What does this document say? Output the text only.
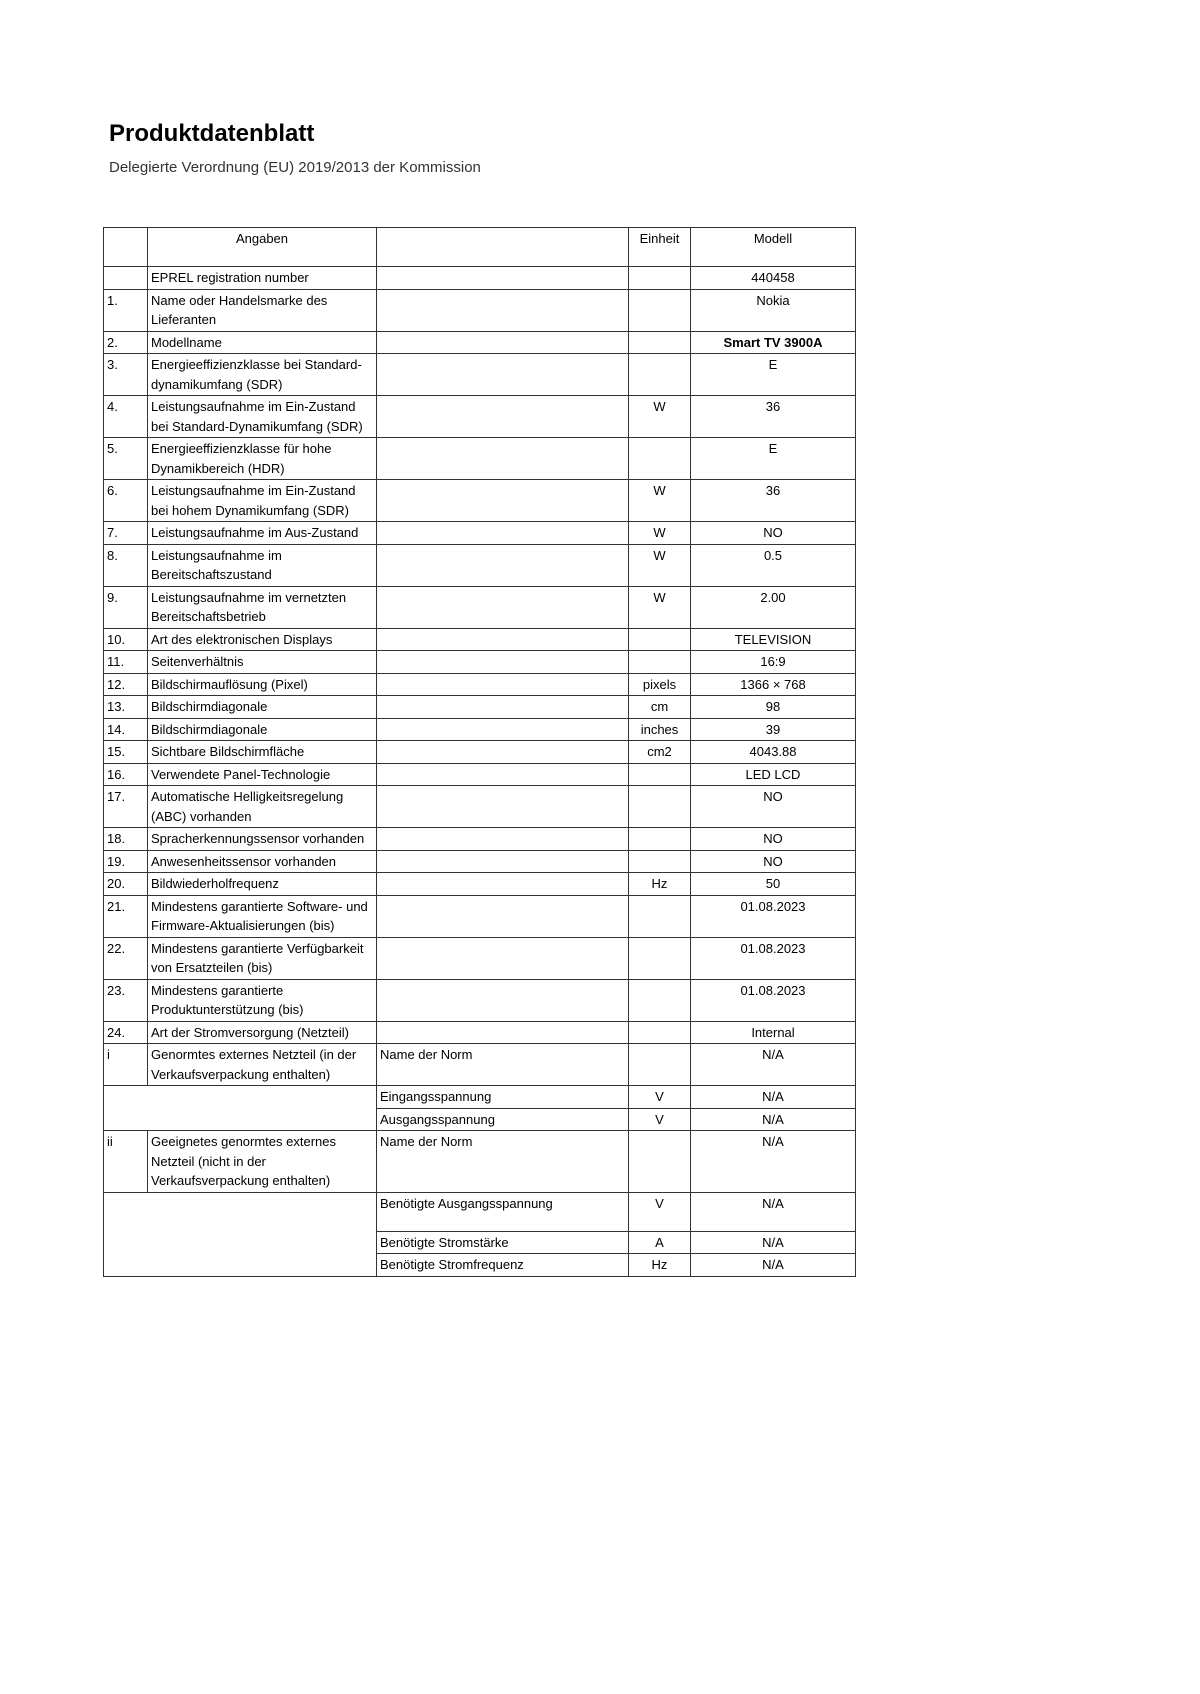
Produktdatenblatt
Delegierte Verordnung (EU) 2019/2013 der Kommission
	Angaben		Einheit	Modell
	EPREL registration number			440458
1.	Name oder Handelsmarke des Lieferanten			Nokia
2.	Modellname			Smart TV 3900A
3.	Energieeffizienzklasse bei Standard-dynamikumfang (SDR)			E
4.	Leistungsaufnahme im Ein-Zustand bei Standard-Dynamikumfang (SDR)		W	36
5.	Energieeffizienzklasse für hohe Dynamikbereich (HDR)			E
6.	Leistungsaufnahme im Ein-Zustand bei hohem Dynamikumfang (SDR)		W	36
7.	Leistungsaufnahme im Aus-Zustand		W	NO
8.	Leistungsaufnahme im Bereitschaftszustand		W	0.5
9.	Leistungsaufnahme im vernetzten Bereitschaftsbetrieb		W	2.00
10.	Art des elektronischen Displays			TELEVISION
11.	Seitenverhältnis			16:9
12.	Bildschirmauflösung (Pixel)		pixels	1366 × 768
13.	Bildschirmdiagonale		cm	98
14.	Bildschirmdiagonale		inches	39
15.	Sichtbare Bildschirmfläche		cm2	4043.88
16.	Verwendete Panel-Technologie			LED LCD
17.	Automatische Helligkeitsregelung (ABC) vorhanden			NO
18.	Spracherkennungssensor vorhanden			NO
19.	Anwesenheitssensor vorhanden			NO
20.	Bildwiederholfrequenz		Hz	50
21.	Mindestens garantierte Software- und Firmware-Aktualisierungen (bis)			01.08.2023
22.	Mindestens garantierte Verfügbarkeit von Ersatzteilen (bis)			01.08.2023
23.	Mindestens garantierte Produktunterstützung (bis)			01.08.2023
24.	Art der Stromversorgung (Netzteil)			Internal
i	Genormtes externes Netzteil (in der Verkaufsverpackung enthalten)	Name der Norm		N/A
		Eingangsspannung	V	N/A
		Ausgangsspannung	V	N/A
ii	Geeignetes genormtes externes Netzteil (nicht in der Verkaufsverpackung enthalten)	Name der Norm		N/A
		Benötigte Ausgangsspannung	V	N/A
		Benötigte Stromstärke	A	N/A
		Benötigte Stromfrequenz	Hz	N/A
